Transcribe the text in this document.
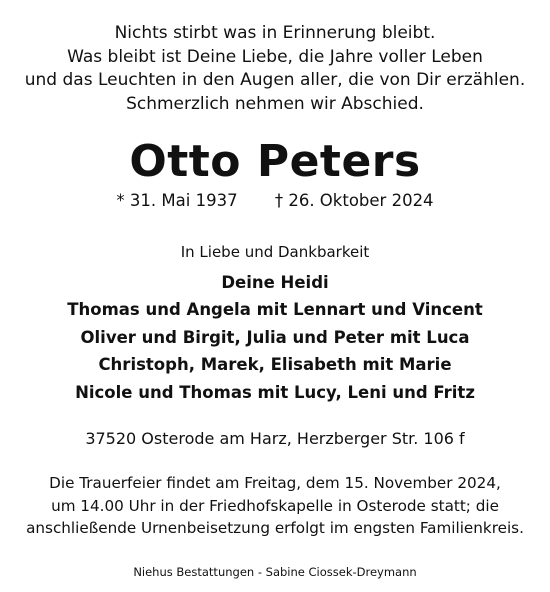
Nichts stirbt was in Erinnerung bleibt.
Was bleibt ist Deine Liebe, die Jahre voller Leben
und das Leuchten in den Augen aller, die von Dir erzählen.
Schmerzlich nehmen wir Abschied.
Otto Peters
* 31. Mai 1937 † 26. Oktober 2024
In Liebe und Dankbarkeit
Deine Heidi
Thomas und Angela mit Lennart und Vincent
Oliver und Birgit, Julia und Peter mit Luca
Christoph, Marek, Elisabeth mit Marie
Nicole und Thomas mit Lucy, Leni und Fritz
37520 Osterode am Harz, Herzberger Str. 106 f
Die Trauerfeier findet am Freitag, dem 15. November 2024,
um 14.00 Uhr in der Friedhofskapelle in Osterode statt; die
anschließende Urnenbeisetzung erfolgt im engsten Familienkreis.
Niehus Bestattungen - Sabine Ciossek-Dreymann
